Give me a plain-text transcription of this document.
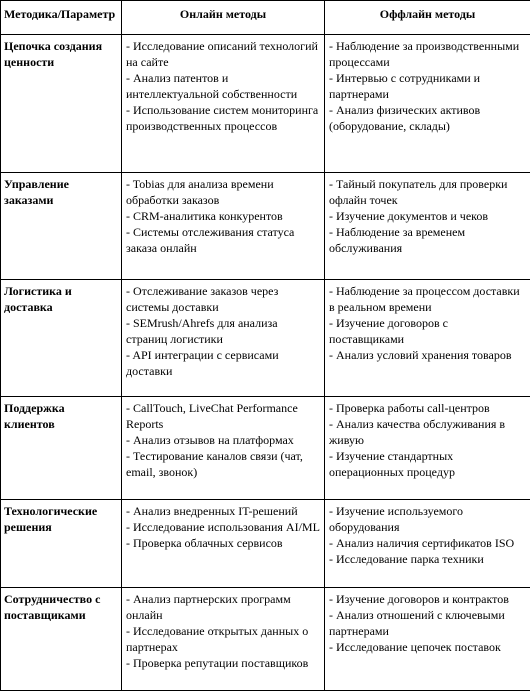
Методика/Параметр	Онлайн методы	Оффлайн методы
Цепочка создания ценности	- Исследование описаний технологий на сайте
- Анализ патентов и интеллектуальной собственности
- Использование систем мониторинга производственных процессов	- Наблюдение за производственными процессами
- Интервью с сотрудниками и партнерами
- Анализ физических активов (оборудование, склады)

Управление заказами	- Tobias для анализа времени обработки заказов
- CRM-аналитика конкурентов
- Системы отслеживания статуса заказа онлайн	- Тайный покупатель для проверки офлайн точек
- Изучение документов и чеков
- Наблюдение за временем обслуживания

Логистика и доставка	- Отслеживание заказов через системы доставки
- SEMrush/Ahrefs для анализа страниц логистики
- API интеграции с сервисами доставки	- Наблюдение за процессом доставки в реальном времени
- Изучение договоров с поставщиками
- Анализ условий хранения товаров

Поддержка клиентов	- CallTouch, LiveChat Performance Reports
- Анализ отзывов на платформах
- Тестирование каналов связи (чат, email, звонок)	- Проверка работы call-центров
- Анализ качества обслуживания в живую
- Изучение стандартных операционных процедур

Технологические решения	- Анализ внедренных IT-решений
- Исследование использования AI/ML
- Проверка облачных сервисов	- Изучение используемого оборудования
- Анализ наличия сертификатов ISO
- Исследование парка техники

Сотрудничество с поставщиками	- Анализ партнерских программ онлайн
- Исследование открытых данных о партнерах
- Проверка репутации поставщиков	- Изучение договоров и контрактов
- Анализ отношений с ключевыми партнерами
- Исследование цепочек поставок
